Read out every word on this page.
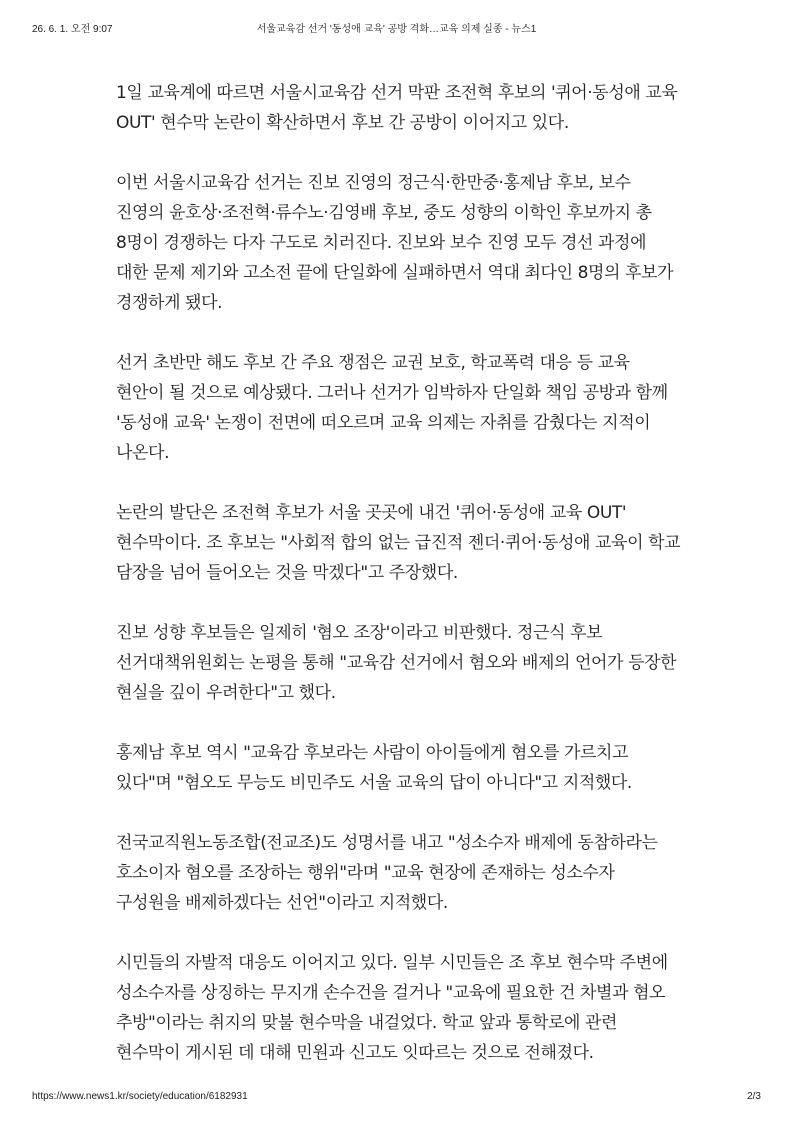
26. 6. 1. 오전 9:07	서울교육감 선거 '동성애 교육' 공방 격화…교육 의제 실종 - 뉴스1

1일 교육계에 따르면 서울시교육감 선거 막판 조전혁 후보의 '퀴어·동성애 교육 OUT' 현수막 논란이 확산하면서 후보 간 공방이 이어지고 있다.

이번 서울시교육감 선거는 진보 진영의 정근식·한만중·홍제남 후보, 보수 진영의 윤호상·조전혁·류수노·김영배 후보, 중도 성향의 이학인 후보까지 총 8명이 경쟁하는 다자 구도로 치러진다. 진보와 보수 진영 모두 경선 과정에 대한 문제 제기와 고소전 끝에 단일화에 실패하면서 역대 최다인 8명의 후보가 경쟁하게 됐다.

선거 초반만 해도 후보 간 주요 쟁점은 교권 보호, 학교폭력 대응 등 교육 현안이 될 것으로 예상됐다. 그러나 선거가 임박하자 단일화 책임 공방과 함께 '동성애 교육' 논쟁이 전면에 떠오르며 교육 의제는 자취를 감췄다는 지적이 나온다.

논란의 발단은 조전혁 후보가 서울 곳곳에 내건 '퀴어·동성애 교육 OUT' 현수막이다. 조 후보는 "사회적 합의 없는 급진적 젠더·퀴어·동성애 교육이 학교 담장을 넘어 들어오는 것을 막겠다"고 주장했다.

진보 성향 후보들은 일제히 '혐오 조장'이라고 비판했다. 정근식 후보 선거대책위원회는 논평을 통해 "교육감 선거에서 혐오와 배제의 언어가 등장한 현실을 깊이 우려한다"고 했다.

홍제남 후보 역시 "교육감 후보라는 사람이 아이들에게 혐오를 가르치고 있다"며 "혐오도 무능도 비민주도 서울 교육의 답이 아니다"고 지적했다.

전국교직원노동조합(전교조)도 성명서를 내고 "성소수자 배제에 동참하라는 호소이자 혐오를 조장하는 행위"라며 "교육 현장에 존재하는 성소수자 구성원을 배제하겠다는 선언"이라고 지적했다.

시민들의 자발적 대응도 이어지고 있다. 일부 시민들은 조 후보 현수막 주변에 성소수자를 상징하는 무지개 손수건을 걸거나 "교육에 필요한 건 차별과 혐오 추방"이라는 취지의 맞불 현수막을 내걸었다. 학교 앞과 통학로에 관련 현수막이 게시된 데 대해 민원과 신고도 잇따르는 것으로 전해졌다.

https://www.news1.kr/society/education/6182931	2/3
